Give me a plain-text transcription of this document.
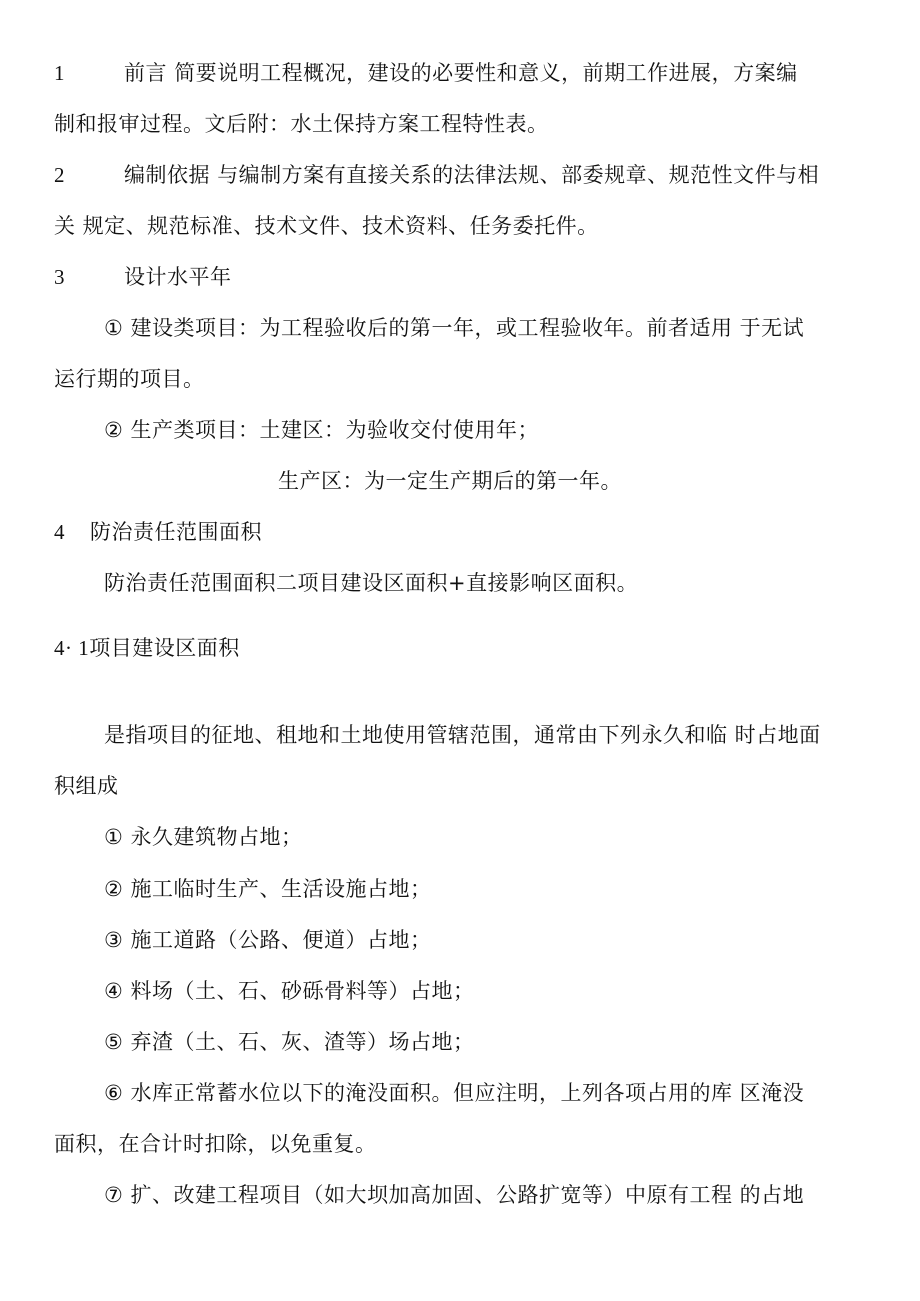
1	前言 简要说明工程概况，建设的必要性和意义，前期工作进展，方案编
制和报审过程。文后附：水土保持方案工程特性表。
2	编制依据 与编制方案有直接关系的法律法规、部委规章、规范性文件与相
关 规定、规范标准、技术文件、技术资料、任务委托件。
3	设计水平年
① 建设类项目：为工程验收后的第一年，或工程验收年。前者适用 于无试
运行期的项目。
② 生产类项目：土建区：为验收交付使用年；
生产区：为一定生产期后的第一年。
4 防治责任范围面积
防治责任范围面积二项目建设区面积+直接影响区面积。
4· 1项目建设区面积
是指项目的征地、租地和土地使用管辖范围，通常由下列永久和临 时占地面
积组成
① 永久建筑物占地；
② 施工临时生产、生活设施占地；
③ 施工道路（公路、便道）占地；
④ 料场（土、石、砂砾骨料等）占地；
⑤ 弃渣（土、石、灰、渣等）场占地；
⑥ 水库正常蓄水位以下的淹没面积。但应注明，上列各项占用的库 区淹没
面积，在合计时扣除，以免重复。
⑦ 扩、改建工程项目（如大坝加高加固、公路扩宽等）中原有工程 的占地
